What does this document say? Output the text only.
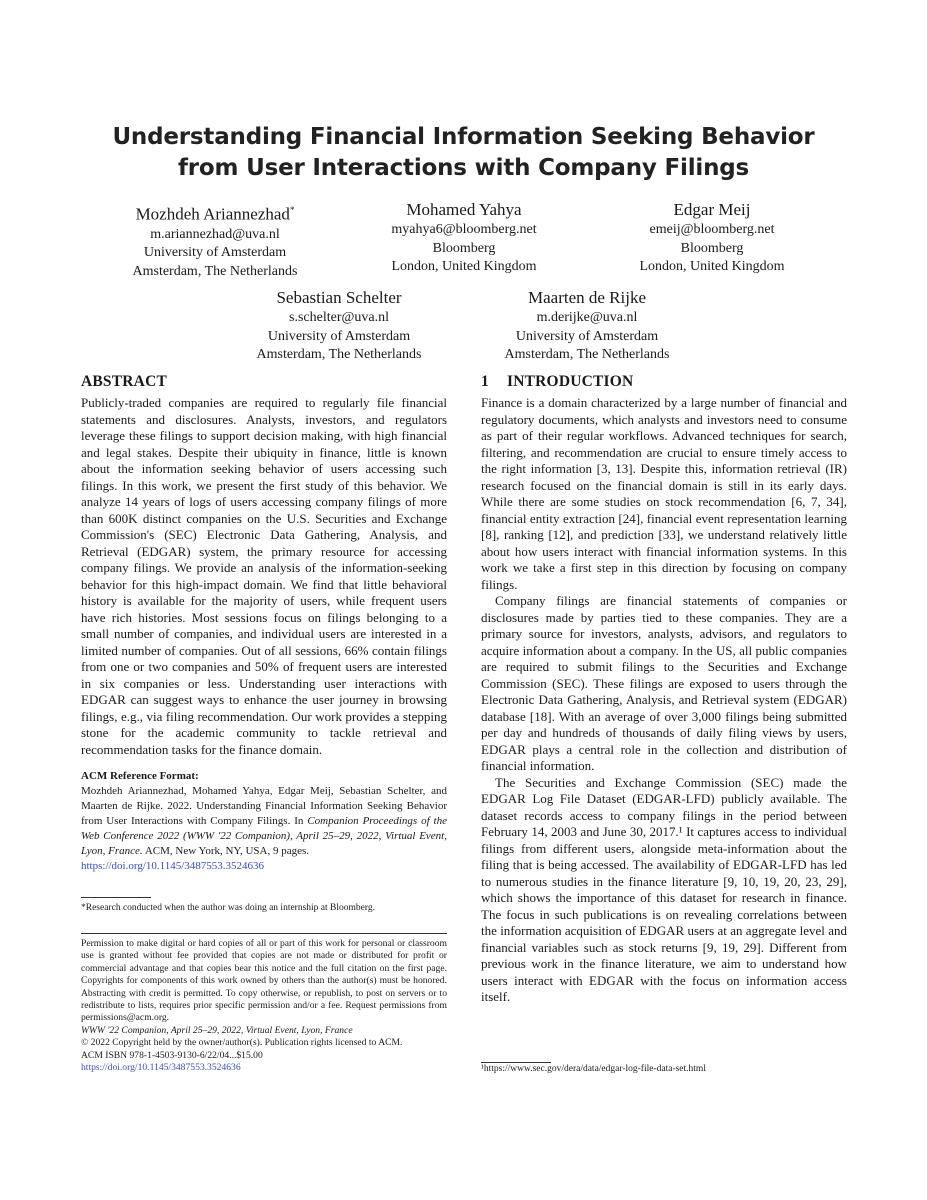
Understanding Financial Information Seeking Behavior
from User Interactions with Company Filings
Mozhdeh Ariannezhad*
m.ariannezhad@uva.nl
University of Amsterdam
Amsterdam, The Netherlands
Mohamed Yahya
myahya6@bloomberg.net
Bloomberg
London, United Kingdom
Edgar Meij
emeij@bloomberg.net
Bloomberg
London, United Kingdom
Sebastian Schelter
s.schelter@uva.nl
University of Amsterdam
Amsterdam, The Netherlands
Maarten de Rijke
m.derijke@uva.nl
University of Amsterdam
Amsterdam, The Netherlands
ABSTRACT

Publicly-traded companies are required to regularly file financial statements and disclosures. Analysts, investors, and regulators leverage these filings to support decision making, with high financial and legal stakes. Despite their ubiquity in finance, little is known about the information seeking behavior of users accessing such filings. In this work, we present the first study of this behavior. We analyze 14 years of logs of users accessing company filings of more than 600K distinct companies on the U.S. Securities and Exchange Commission's (SEC) Electronic Data Gathering, Analysis, and Retrieval (EDGAR) system, the primary resource for accessing company filings. We provide an analysis of the information-seeking behavior for this high-impact domain. We find that little behavioral history is available for the majority of users, while frequent users have rich histories. Most sessions focus on filings belonging to a small number of companies, and individual users are interested in a limited number of companies. Out of all sessions, 66% contain filings from one or two companies and 50% of frequent users are interested in six companies or less. Understanding user interactions with EDGAR can suggest ways to enhance the user journey in browsing filings, e.g., via filing recommendation. Our work provides a stepping stone for the academic community to tackle retrieval and recommendation tasks for the finance domain.

ACM Reference Format:
Mozhdeh Ariannezhad, Mohamed Yahya, Edgar Meij, Sebastian Schelter, and Maarten de Rijke. 2022. Understanding Financial Information Seeking Behavior from User Interactions with Company Filings. In Companion Proceedings of the Web Conference 2022 (WWW '22 Companion), April 25–29, 2022, Virtual Event, Lyon, France. ACM, New York, NY, USA, 9 pages.
https://doi.org/10.1145/3487553.3524636
*Research conducted when the author was doing an internship at Bloomberg.

Permission to make digital or hard copies of all or part of this work for personal or classroom use is granted without fee provided that copies are not made or distributed for profit or commercial advantage and that copies bear this notice and the full citation on the first page. Copyrights for components of this work owned by others than the author(s) must be honored. Abstracting with credit is permitted. To copy otherwise, or republish, to post on servers or to redistribute to lists, requires prior specific permission and/or a fee. Request permissions from permissions@acm.org.

WWW '22 Companion, April 25–29, 2022, Virtual Event, Lyon, France

© 2022 Copyright held by the owner/author(s). Publication rights licensed to ACM.

ACM ISBN 978-1-4503-9130-6/22/04...$15.00

https://doi.org/10.1145/3487553.3524636

1 INTRODUCTION

Finance is a domain characterized by a large number of financial and regulatory documents, which analysts and investors need to consume as part of their regular workflows. Advanced techniques for search, filtering, and recommendation are crucial to ensure timely access to the right information [3, 13]. Despite this, information retrieval (IR) research focused on the financial domain is still in its early days. While there are some studies on stock recommendation [6, 7, 34], financial entity extraction [24], financial event representation learning [8], ranking [12], and prediction [33], we understand relatively little about how users interact with financial information systems. In this work we take a first step in this direction by focusing on company filings.

Company filings are financial statements of companies or disclosures made by parties tied to these companies. They are a primary source for investors, analysts, advisors, and regulators to acquire information about a company. In the US, all public companies are required to submit filings to the Securities and Exchange Commission (SEC). These filings are exposed to users through the Electronic Data Gathering, Analysis, and Retrieval system (EDGAR) database [18]. With an average of over 3,000 filings being submitted per day and hundreds of thousands of daily filing views by users, EDGAR plays a central role in the collection and distribution of financial information.

The Securities and Exchange Commission (SEC) made the EDGAR Log File Dataset (EDGAR-LFD) publicly available. The dataset records access to company filings in the period between February 14, 2003 and June 30, 2017.¹ It captures access to individual filings from different users, alongside meta-information about the filing that is being accessed. The availability of EDGAR-LFD has led to numerous studies in the finance literature [9, 10, 19, 20, 23, 29], which shows the importance of this dataset for research in finance. The focus in such publications is on revealing correlations between the information acquisition of EDGAR users at an aggregate level and financial variables such as stock returns [9, 19, 29]. Different from previous work in the finance literature, we aim to understand how users interact with EDGAR with the focus on information access itself.

¹https://www.sec.gov/dera/data/edgar-log-file-data-set.html
